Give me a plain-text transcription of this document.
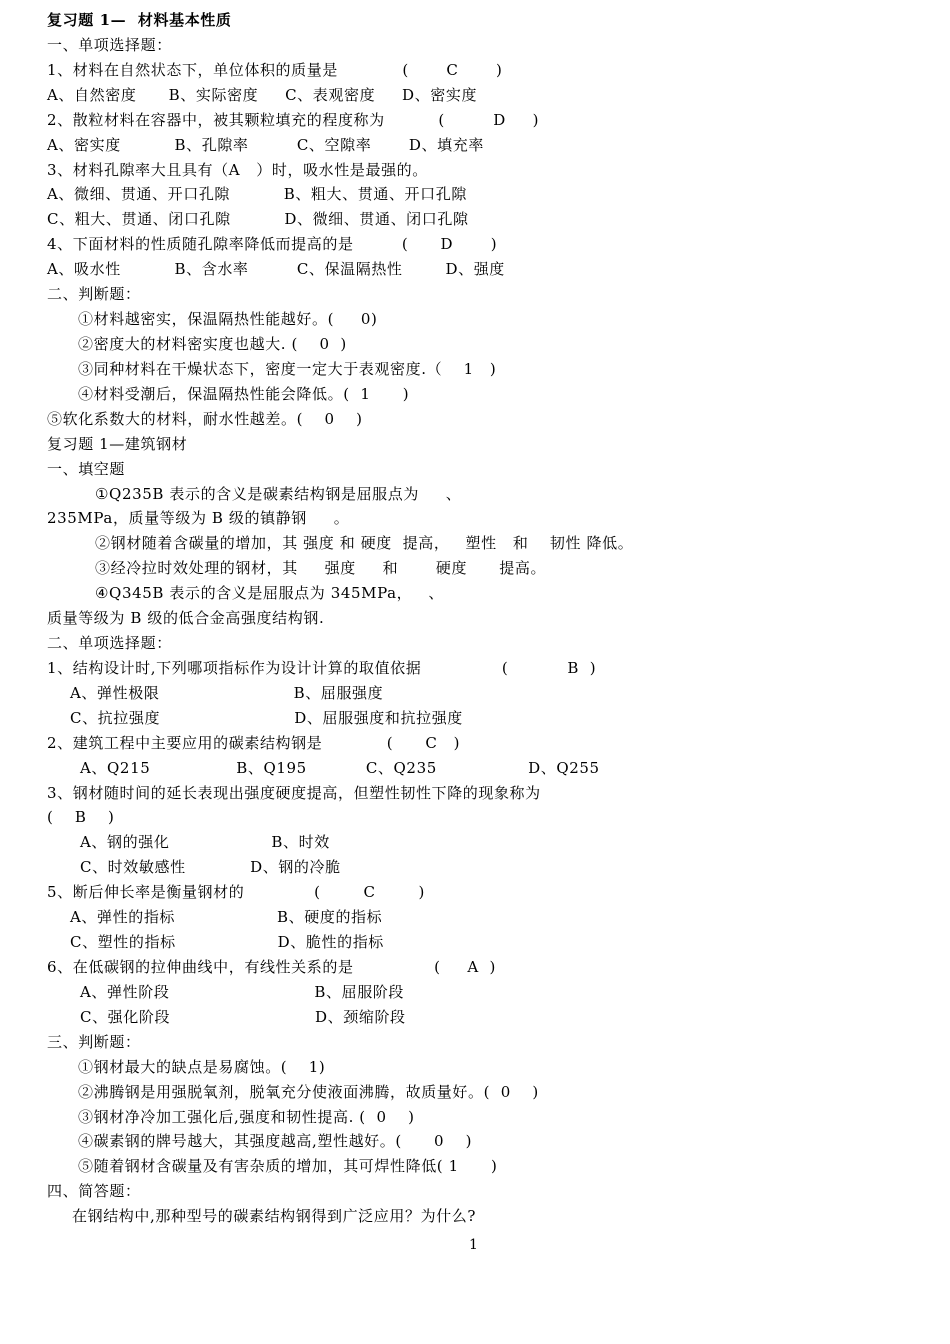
复习题 1—  材料基本性质
一、单项选择题：
1、材料在自然状态下，单位体积的质量是            (       C       )
A、自然密度      B、实际密度     C、表观密度     D、密实度
2、散粒材料在容器中，被其颗粒填充的程度称为          (         D     )
A、密实度          B、孔隙率         C、空隙率       D、填充率
3、材料孔隙率大且具有（A   ）时，吸水性是最强的。
A、微细、贯通、开口孔隙          B、粗大、贯通、开口孔隙
C、粗大、贯通、闭口孔隙          D、微细、贯通、闭口孔隙
4、下面材料的性质随孔隙率降低而提高的是         (      D       )
A、吸水性          B、含水率         C、保温隔热性        D、强度
二、判断题：
①材料越密实，保温隔热性能越好。(     0)
②密度大的材料密实度也越大. (    0  )
③同种材料在干燥状态下，密度一定大于表观密度.（    1   )
④材料受潮后，保温隔热性能会降低。(  1      )
⑤软化系数大的材料，耐水性越差。(    0    )
复习题 1—建筑钢材
一、填空题
①Q235B 表示的含义是碳素结构钢是屈服点为     、
235MPa，质量等级为 B 级的镇静钢     。
②钢材随着含碳量的增加，其 强度 和 硬度  提高，   塑性   和    韧性 降低。
③经冷拉时效处理的钢材，其     强度     和       硬度      提高。
④Q345B 表示的含义是屈服点为 345MPa，   、
质量等级为 B 级的低合金高强度结构钢.
二、单项选择题：
1、结构设计时,下列哪项指标作为设计计算的取值依据               (           B  )
A、弹性极限                         B、屈服强度
C、抗拉强度                         D、屈服强度和抗拉强度
2、建筑工程中主要应用的碳素结构钢是            (      C   )
A、Q215                B、Q195           C、Q235                 D、Q255
3、钢材随时间的延长表现出强度硬度提高，但塑性韧性下降的现象称为
(    B    )
A、钢的强化                   B、时效
C、时效敏感性            D、钢的冷脆
5、断后伸长率是衡量钢材的             (        C        )
A、弹性的指标                   B、硬度的指标
C、塑性的指标                   D、脆性的指标
6、在低碳钢的拉伸曲线中，有线性关系的是               (     A  )
A、弹性阶段                           B、屈服阶段
C、强化阶段                           D、颈缩阶段
三、判断题：
①钢材最大的缺点是易腐蚀。(    1)
②沸腾钢是用强脱氧剂，脱氧充分使液面沸腾，故质量好。(  0    )
③钢材净冷加工强化后,强度和韧性提高. (  0    )
④碳素钢的牌号越大，其强度越高,塑性越好。(      0    )
⑤随着钢材含碳量及有害杂质的增加，其可焊性降低( 1      )
四、简答题：
在钢结构中,那种型号的碳素结构钢得到广泛应用？为什么?
1
